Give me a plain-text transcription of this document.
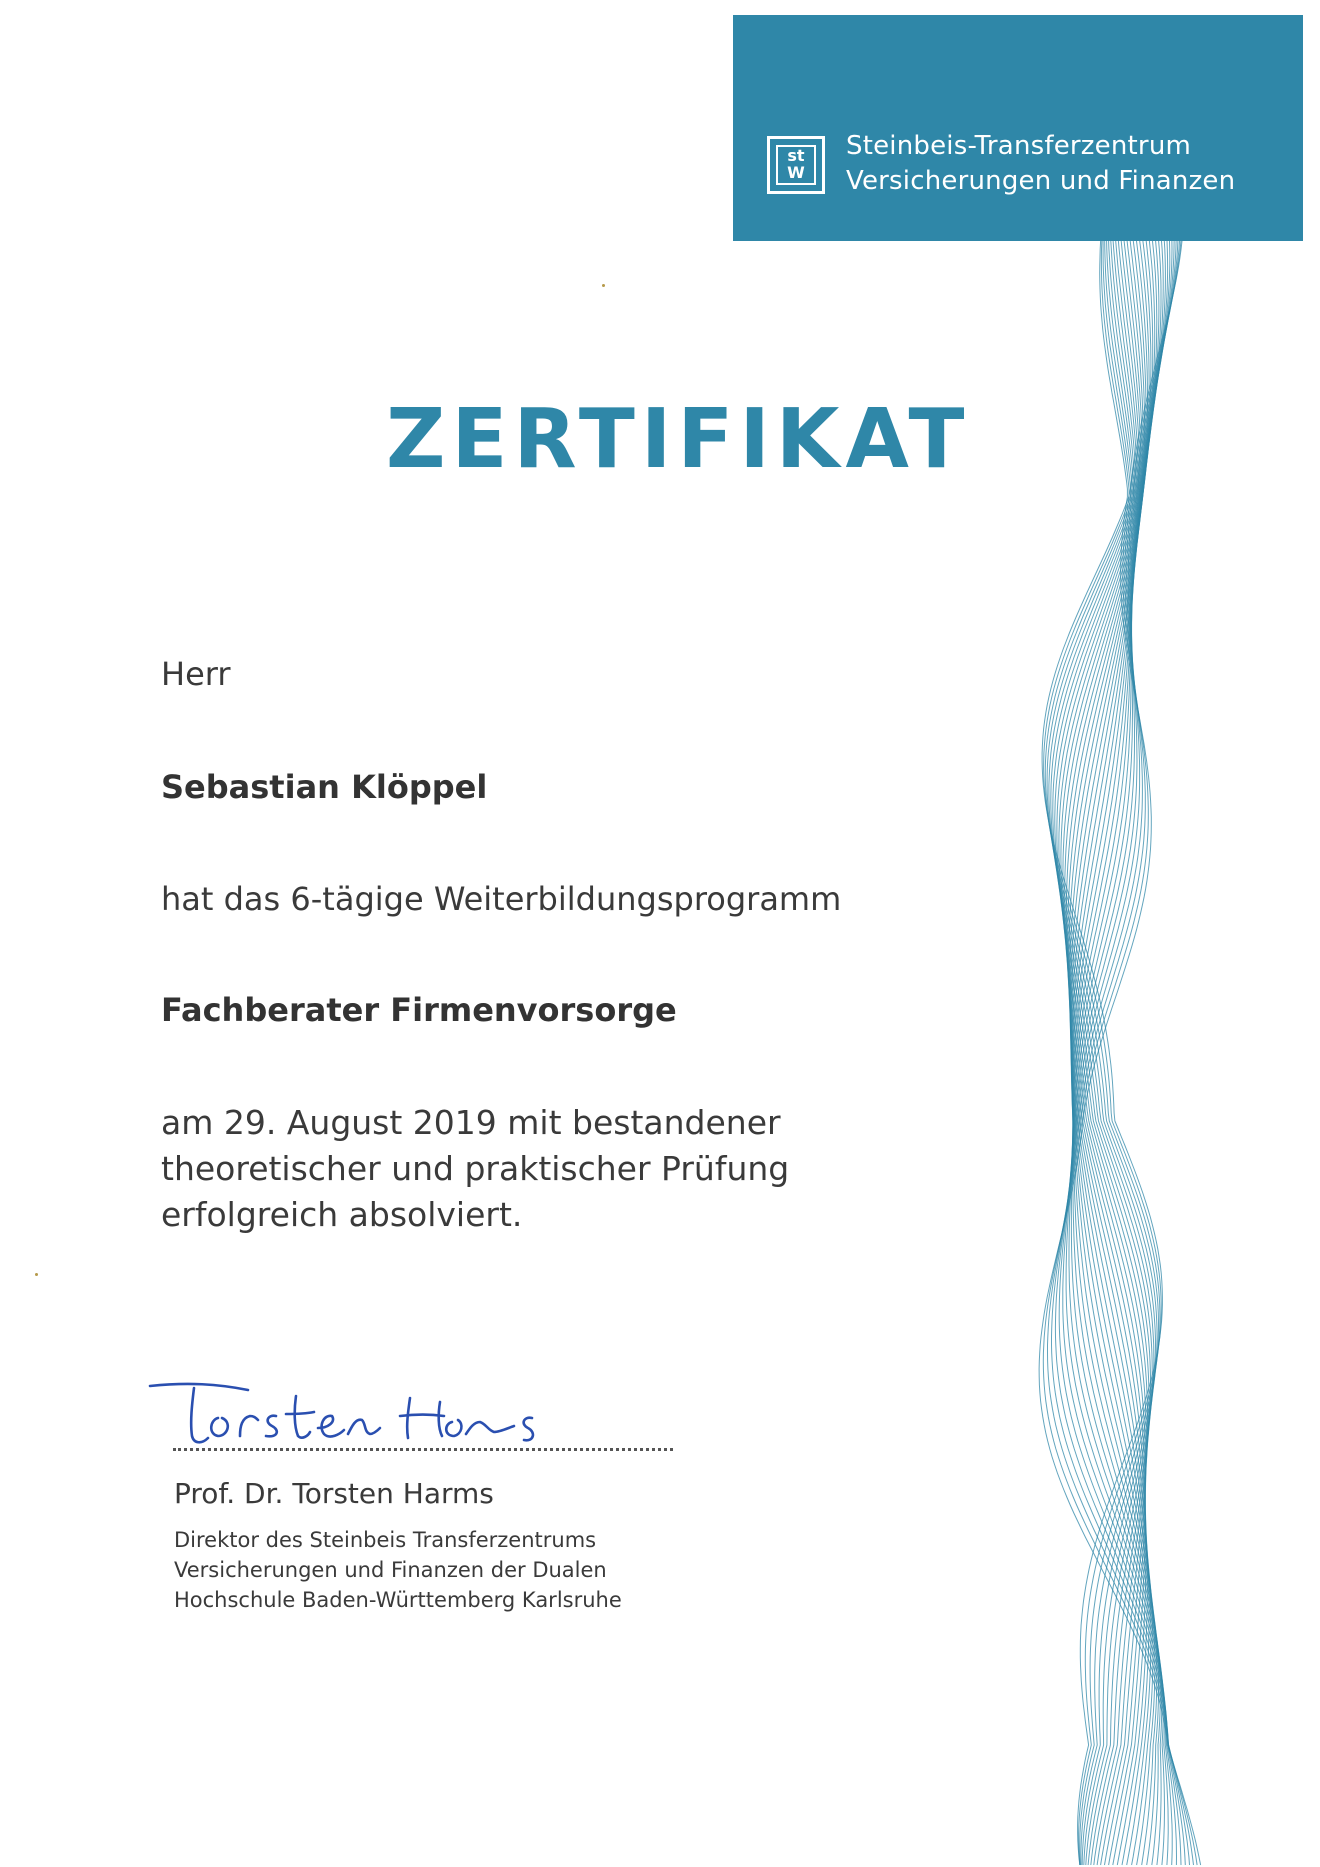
st
W
Steinbeis-Transferzentrum
Versicherungen und Finanzen
ZERTIFIKAT
Herr
Sebastian Klöppel
hat das 6-tägige Weiterbildungsprogramm
Fachberater Firmenvorsorge
am 29. August 2019 mit bestandener
theoretischer und praktischer Prüfung
erfolgreich absolviert.
Prof. Dr. Torsten Harms
Direktor des Steinbeis Transferzentrums
Versicherungen und Finanzen der Dualen
Hochschule Baden-Württemberg Karlsruhe
